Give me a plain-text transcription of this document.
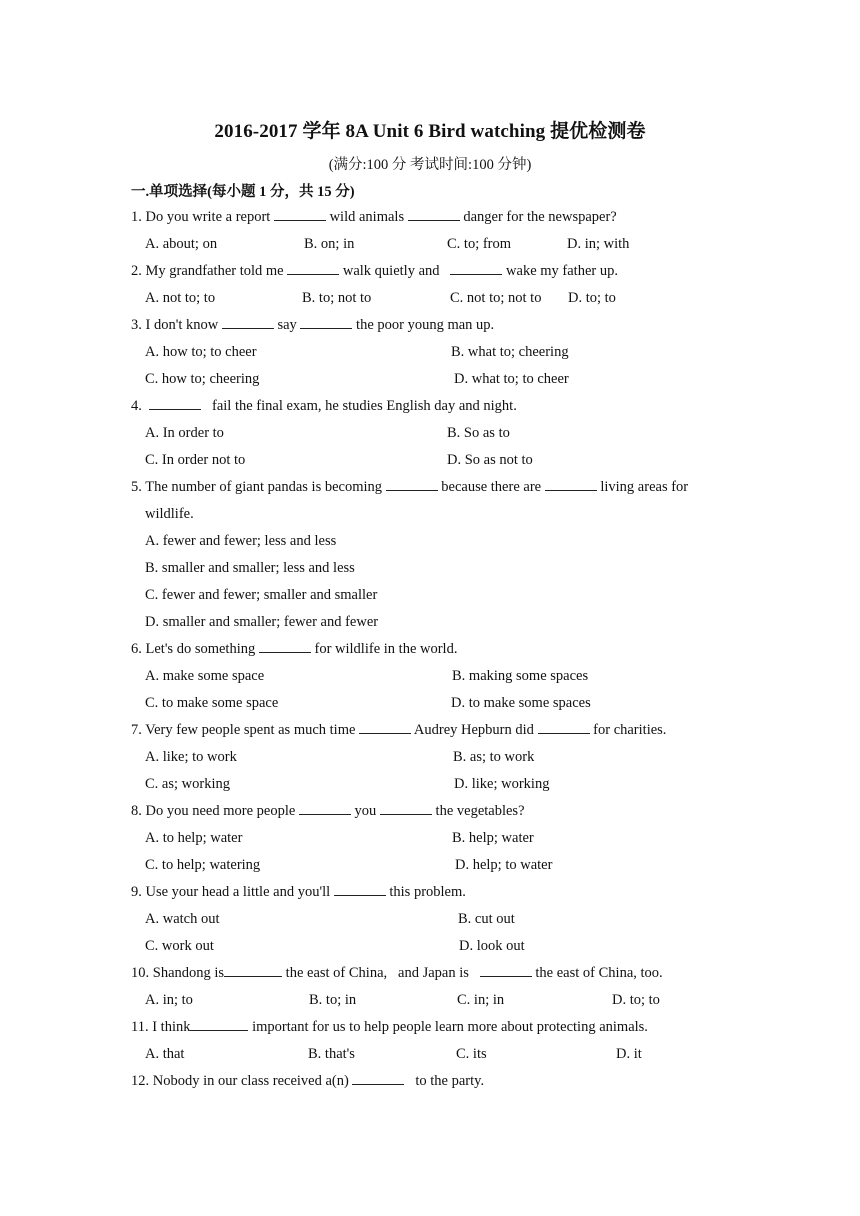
2016-2017 学年 8A Unit 6 Bird watching 提优检测卷
(满分:100 分 考试时间:100 分钟)
一.单项选择(每小题 1 分，共 15 分)
1. Do you write a report	wild animals	danger for the newspaper?
A. about; on	B. on; in	C. to; from	D. in; with
2. My grandfather told me	walk quietly and	wake my father up.
A. not to; to	B. to; not to	C. not to; not to D. to; to
3. I don't know	say	the poor young man up.
A. how to; to cheer	B. what to; cheering
C. how to; cheering	D. what to; to cheer
4.	fail the final exam, he studies English day and night.
A. In order to	B. So as to
C. In order not to	D. So as not to
5. The number of giant pandas is becoming	because there are	living areas for
wildlife.
A. fewer and fewer; less and less
B. smaller and smaller; less and less
C. fewer and fewer; smaller and smaller
D. smaller and smaller; fewer and fewer
6. Let's do something	for wildlife in the world.
A. make some space	B. making some spaces
C. to make some space	D. to make some spaces
7. Very few people spent as much time	Audrey Hepburn did	for charities.
A. like; to work	B. as; to work
C. as; working	D. like; working
8. Do you need more people	you	the vegetables?
A. to help; water	B. help; water
C. to help; watering	D. help; to water
9. Use your head a little and you'll	this problem.
A. watch out	B. cut out
C. work out	D. look out
10. Shandong is	the east of China, and Japan is	the east of China, too.
A. in; to	B. to; in	C. in; in	D. to; to
11. I think	important for us to help people learn more about protecting animals.
A. that	B. that's	C. its	D. it
12. Nobody in our class received a(n)	to the party.
